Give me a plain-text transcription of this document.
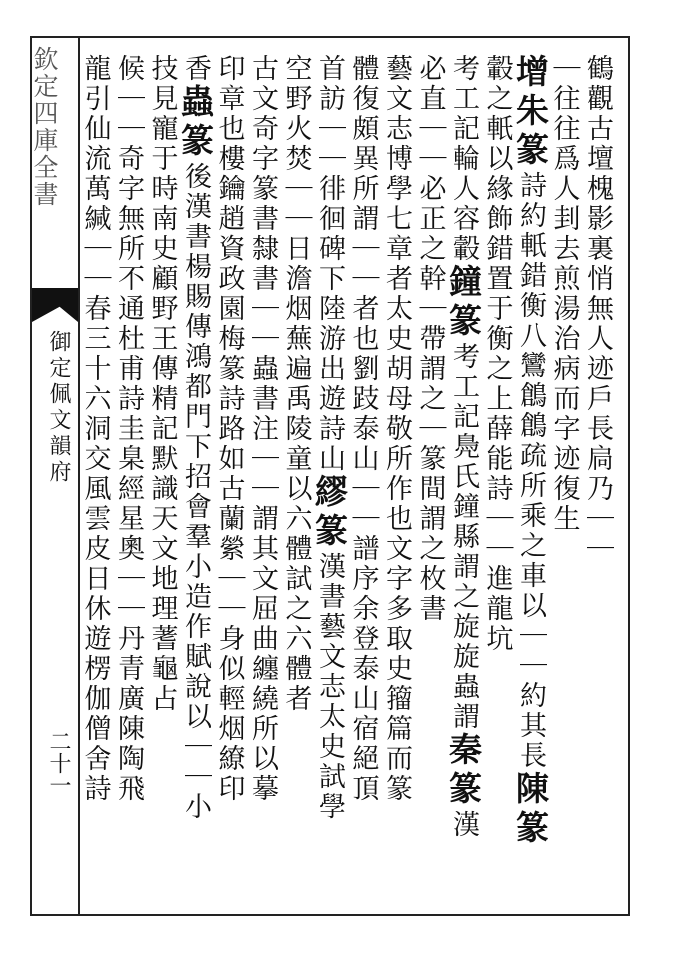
欽定四庫全書
御定佩文韻府
二十一
鶴觀古壇槐影裏悄無人迹戶長扃乃｜｜
｜往往爲人刲去煎湯治病而字迹復生
增朱篆詩約軝錯衡八鸞鶬鶬疏所乘之車以｜｜約其長陳篆
轂之軝以緣飾錯置于衡之上薛能詩｜｜進龍坑
考工記輪人容轂鐘篆考工記鳧氏鐘縣謂之旋旋蟲謂秦篆漢
必直｜｜必正之幹｜帶謂之｜篆間謂之枚書
藝文志博學七章者太史胡母敬所作也文字多取史籀篇而篆
體復頗異所謂｜｜者也劉跂泰山｜｜譜序余登泰山宿絕頂
首訪｜｜徘徊碑下陸游出遊詩山繆篆漢書藝文志太史試學
空野火焚｜｜日澹烟蕪遍禹陵童以六體試之六體者
古文奇字篆書隸書｜｜蟲書注｜｜謂其文屈曲纏繞所以摹
印章也樓鑰趙資政園梅篆詩路如古蘭縈｜｜身似輕烟繚印
香蟲篆後漢書楊賜傳鴻都門下招會羣小造作賦說以｜｜小
技見寵于時南史顧野王傳精記默識天文地理蓍龜占
候｜｜奇字無所不通杜甫詩圭臬經星奧｜｜丹青廣陳陶飛
龍引仙流萬緘｜｜春三十六洞交風雲皮日休遊楞伽僧舍詩
